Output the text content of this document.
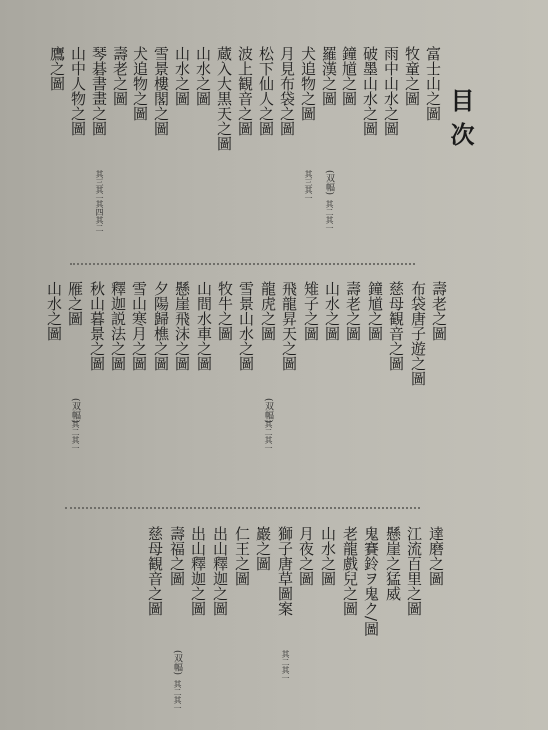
目次
富士山之圖
牧童之圖
雨中山水之圖
破墨山水之圖
鐘馗之圖
羅漢之圖
(双幅)
其二其一
犬追物之圖
其三其一
月見布袋之圖
松下仙人之圖
波上観音之圖
蔵入大黒天之圖
山水之圖
山水之圖
雪景樓閣之圖
犬追物之圖
壽老之圖
琴碁書畫之圖
其三其一
其四其二
山中人物之圖
鷹之圖
壽老之圖
布袋唐子遊之圖
慈母観音之圖
鐘馗之圖
壽老之圖
山水之圖
雉子之圖
飛龍昇天之圖
龍虎之圖
(双幅)
其二其一
雪景山水之圖
牧牛之圖
山間水車之圖
懸崖飛沫之圖
夕陽歸樵之圖
雪山寒月之圖
釋迦説法之圖
秋山暮景之圖
雁之圖
(双幅)
其二其一
山水之圖
達磨之圖
江流百里之圖
懸崖之猛威
鬼賽鈴ヲ鬼ク/圖
老龍戲兒之圖
山水之圖
月夜之圖
獅子唐草圖案
其二其一
巖之圖
仁王之圖
出山釋迦之圖
出山釋迦之圖
壽福之圖
(双幅)
其二其一
慈母観音之圖
